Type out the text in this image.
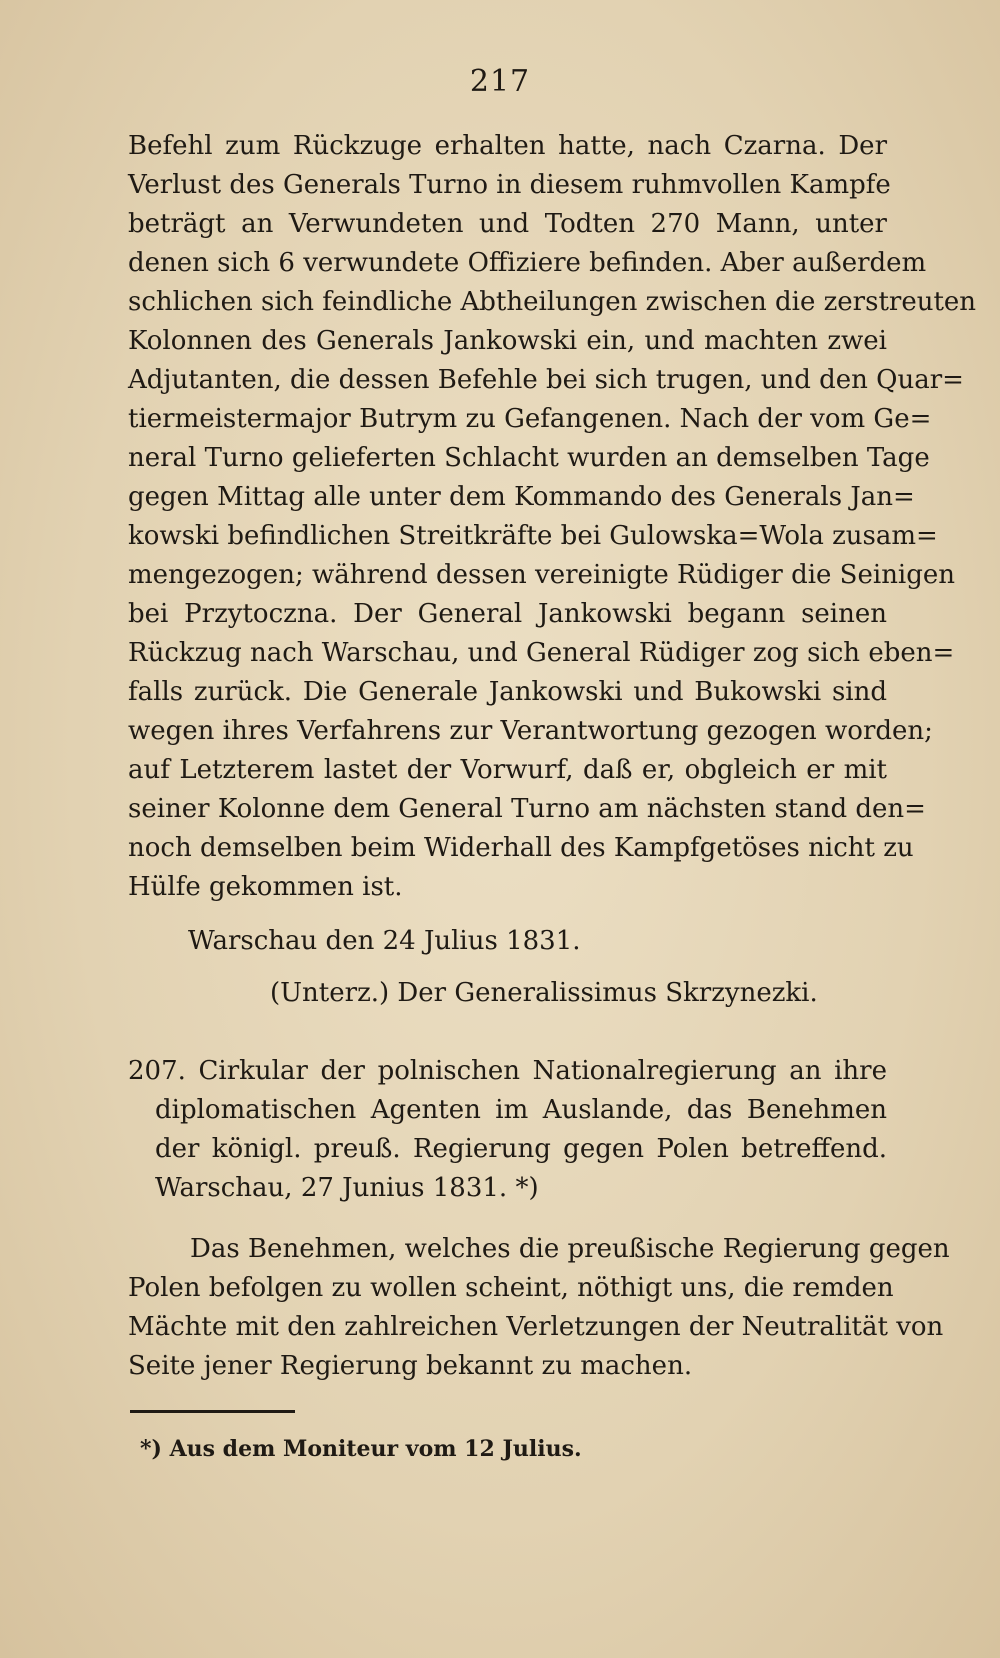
217

Befehl zum Rückzuge erhalten hatte, nach Czarna. Der

Verlust des Generals Turno in diesem ruhmvollen Kampfe

beträgt an Verwundeten und Todten 270 Mann, unter

denen sich 6 verwundete Offiziere befinden. Aber außerdem

schlichen sich feindliche Abtheilungen zwischen die zerstreuten

Kolonnen des Generals Jankowski ein, und machten zwei

Adjutanten, die dessen Befehle bei sich trugen, und den Quar=

tiermeistermajor Butrym zu Gefangenen. Nach der vom Ge=

neral Turno gelieferten Schlacht wurden an demselben Tage

gegen Mittag alle unter dem Kommando des Generals Jan=

kowski befindlichen Streitkräfte bei Gulowska=Wola zusam=

mengezogen; während dessen vereinigte Rüdiger die Seinigen

bei Przytoczna. Der General Jankowski begann seinen

Rückzug nach Warschau, und General Rüdiger zog sich eben=

falls zurück. Die Generale Jankowski und Bukowski sind

wegen ihres Verfahrens zur Verantwortung gezogen worden;

auf Letzterem lastet der Vorwurf, daß er, obgleich er mit

seiner Kolonne dem General Turno am nächsten stand den=

noch demselben beim Widerhall des Kampfgetöses nicht zu

Hülfe gekommen ist.

Warschau den 24 Julius 1831.

(Unterz.) Der Generalissimus Skrzynezki.

207. Cirkular der polnischen Nationalregierung an ihre

diplomatischen Agenten im Auslande, das Benehmen

der königl. preuß. Regierung gegen Polen betreffend.

Warschau, 27 Junius 1831. *)

Das Benehmen, welches die preußische Regierung gegen

Polen befolgen zu wollen scheint, nöthigt uns, die remden

Mächte mit den zahlreichen Verletzungen der Neutralität von

Seite jener Regierung bekannt zu machen.

*) Aus dem Moniteur vom 12 Julius.
